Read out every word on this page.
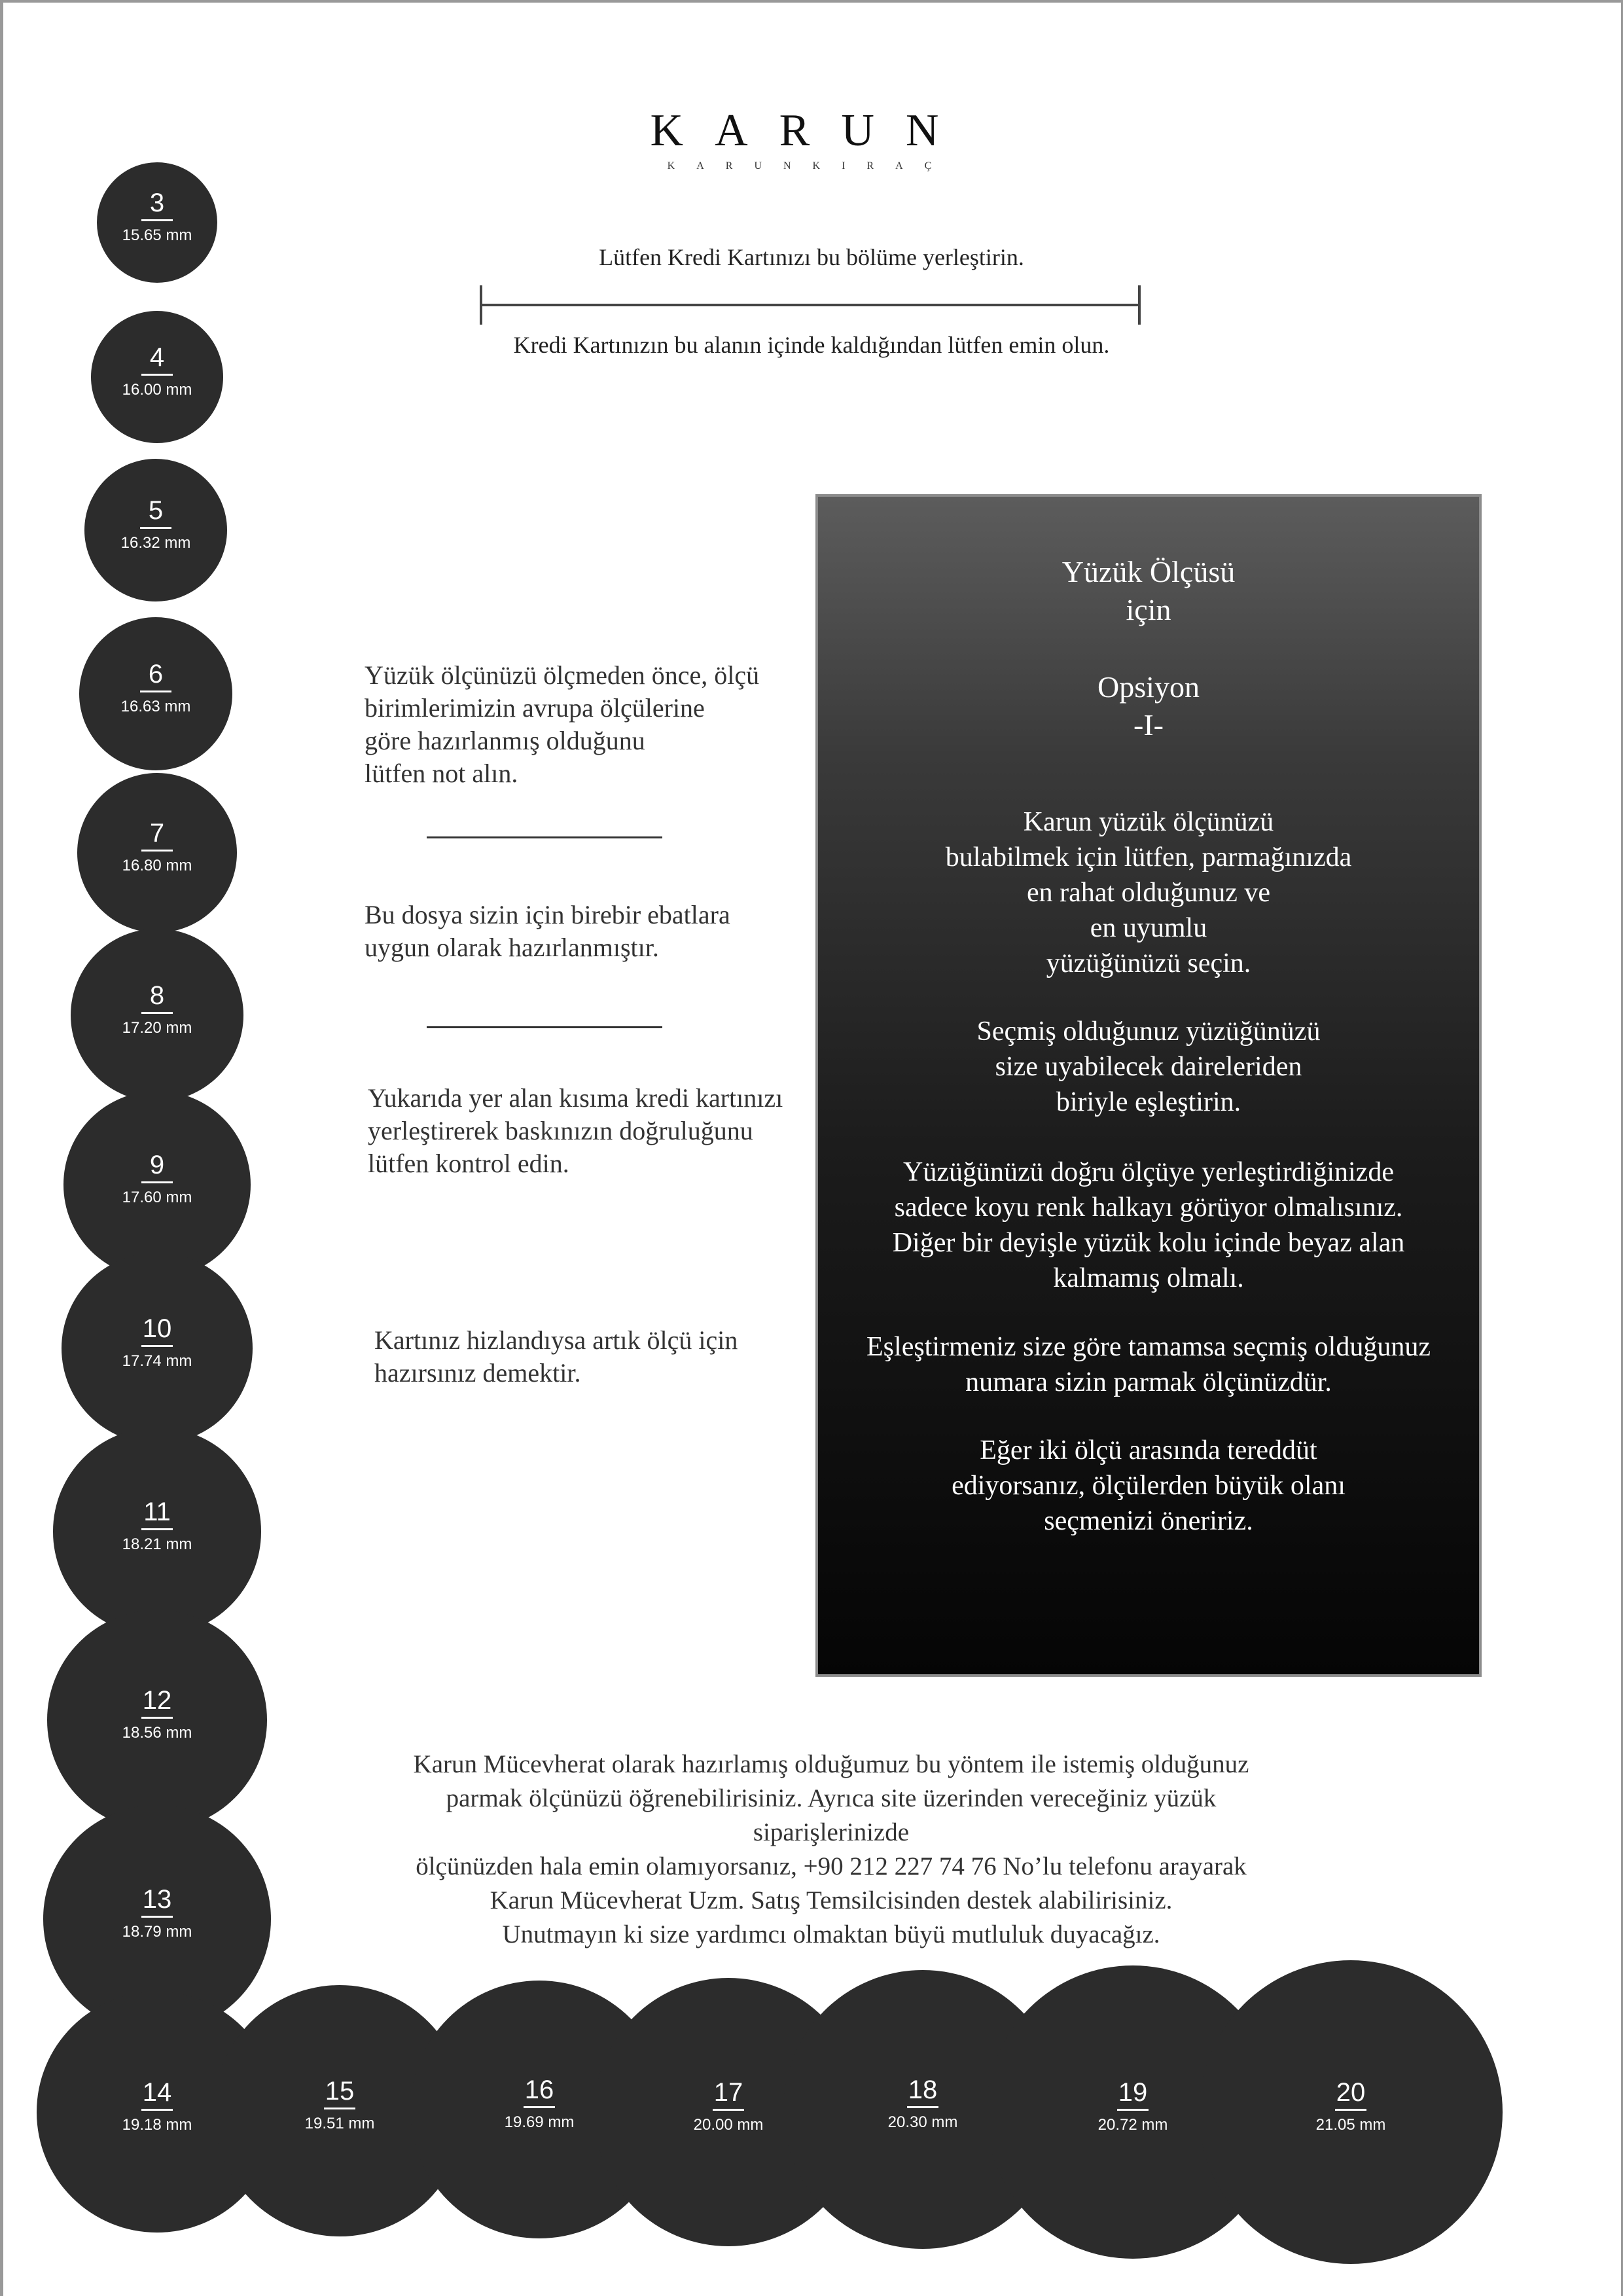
KARUN
KARUNKIRAÇ
Lütfen Kredi Kartınızı bu bölüme yerleştirin.
Kredi Kartınızın bu alanın içinde kaldığından lütfen emin olun.
Yüzük ölçünüzü ölçmeden önce, ölçü
birimlerimizin avrupa ölçülerine
göre hazırlanmış olduğunu
lütfen not alın.
Bu dosya sizin için birebir ebatlara
uygun olarak hazırlanmıştır.
Yukarıda yer alan kısıma kredi kartınızı
yerleştirerek baskınızın doğruluğunu
lütfen kontrol edin.
Kartınız hizlandıysa artık ölçü için
hazırsınız demektir.
Yüzük Ölçüsü
için
Opsiyon
-I-
Karun yüzük ölçünüzü
bulabilmek için lütfen, parmağınızda
en rahat olduğunuz ve
en uyumlu
yüzüğünüzü seçin.
Seçmiş olduğunuz yüzüğünüzü
size uyabilecek daireleriden
biriyle eşleştirin.
Yüzüğünüzü doğru ölçüye yerleştirdiğinizde
sadece koyu renk halkayı görüyor olmalısınız.
Diğer bir deyişle yüzük kolu içinde beyaz alan
kalmamış olmalı.
Eşleştirmeniz size göre tamamsa seçmiş olduğunuz
numara sizin parmak ölçünüzdür.
Eğer iki ölçü arasında tereddüt
ediyorsanız, ölçülerden büyük olanı
seçmenizi öneririz.
Karun Mücevherat olarak hazırlamış olduğumuz bu yöntem ile istemiş olduğunuz
parmak ölçünüzü öğrenebilirisiniz. Ayrıca site üzerinden vereceğiniz yüzük siparişlerinizde
ölçünüzden hala emin olamıyorsanız, +90 212 227 74 76 No’lu telefonu arayarak
Karun Mücevherat Uzm. Satış Temsilcisinden destek alabilirisiniz.
Unutmayın ki size yardımcı olmaktan büyü mutluluk duyacağız.
3
15.65 mm
4
16.00 mm
5
16.32 mm
6
16.63 mm
7
16.80 mm
8
17.20 mm
9
17.60 mm
10
17.74 mm
11
18.21 mm
12
18.56 mm
13
18.79 mm
14
19.18 mm
15
19.51 mm
16
19.69 mm
17
20.00 mm
18
20.30 mm
19
20.72 mm
20
21.05 mm
